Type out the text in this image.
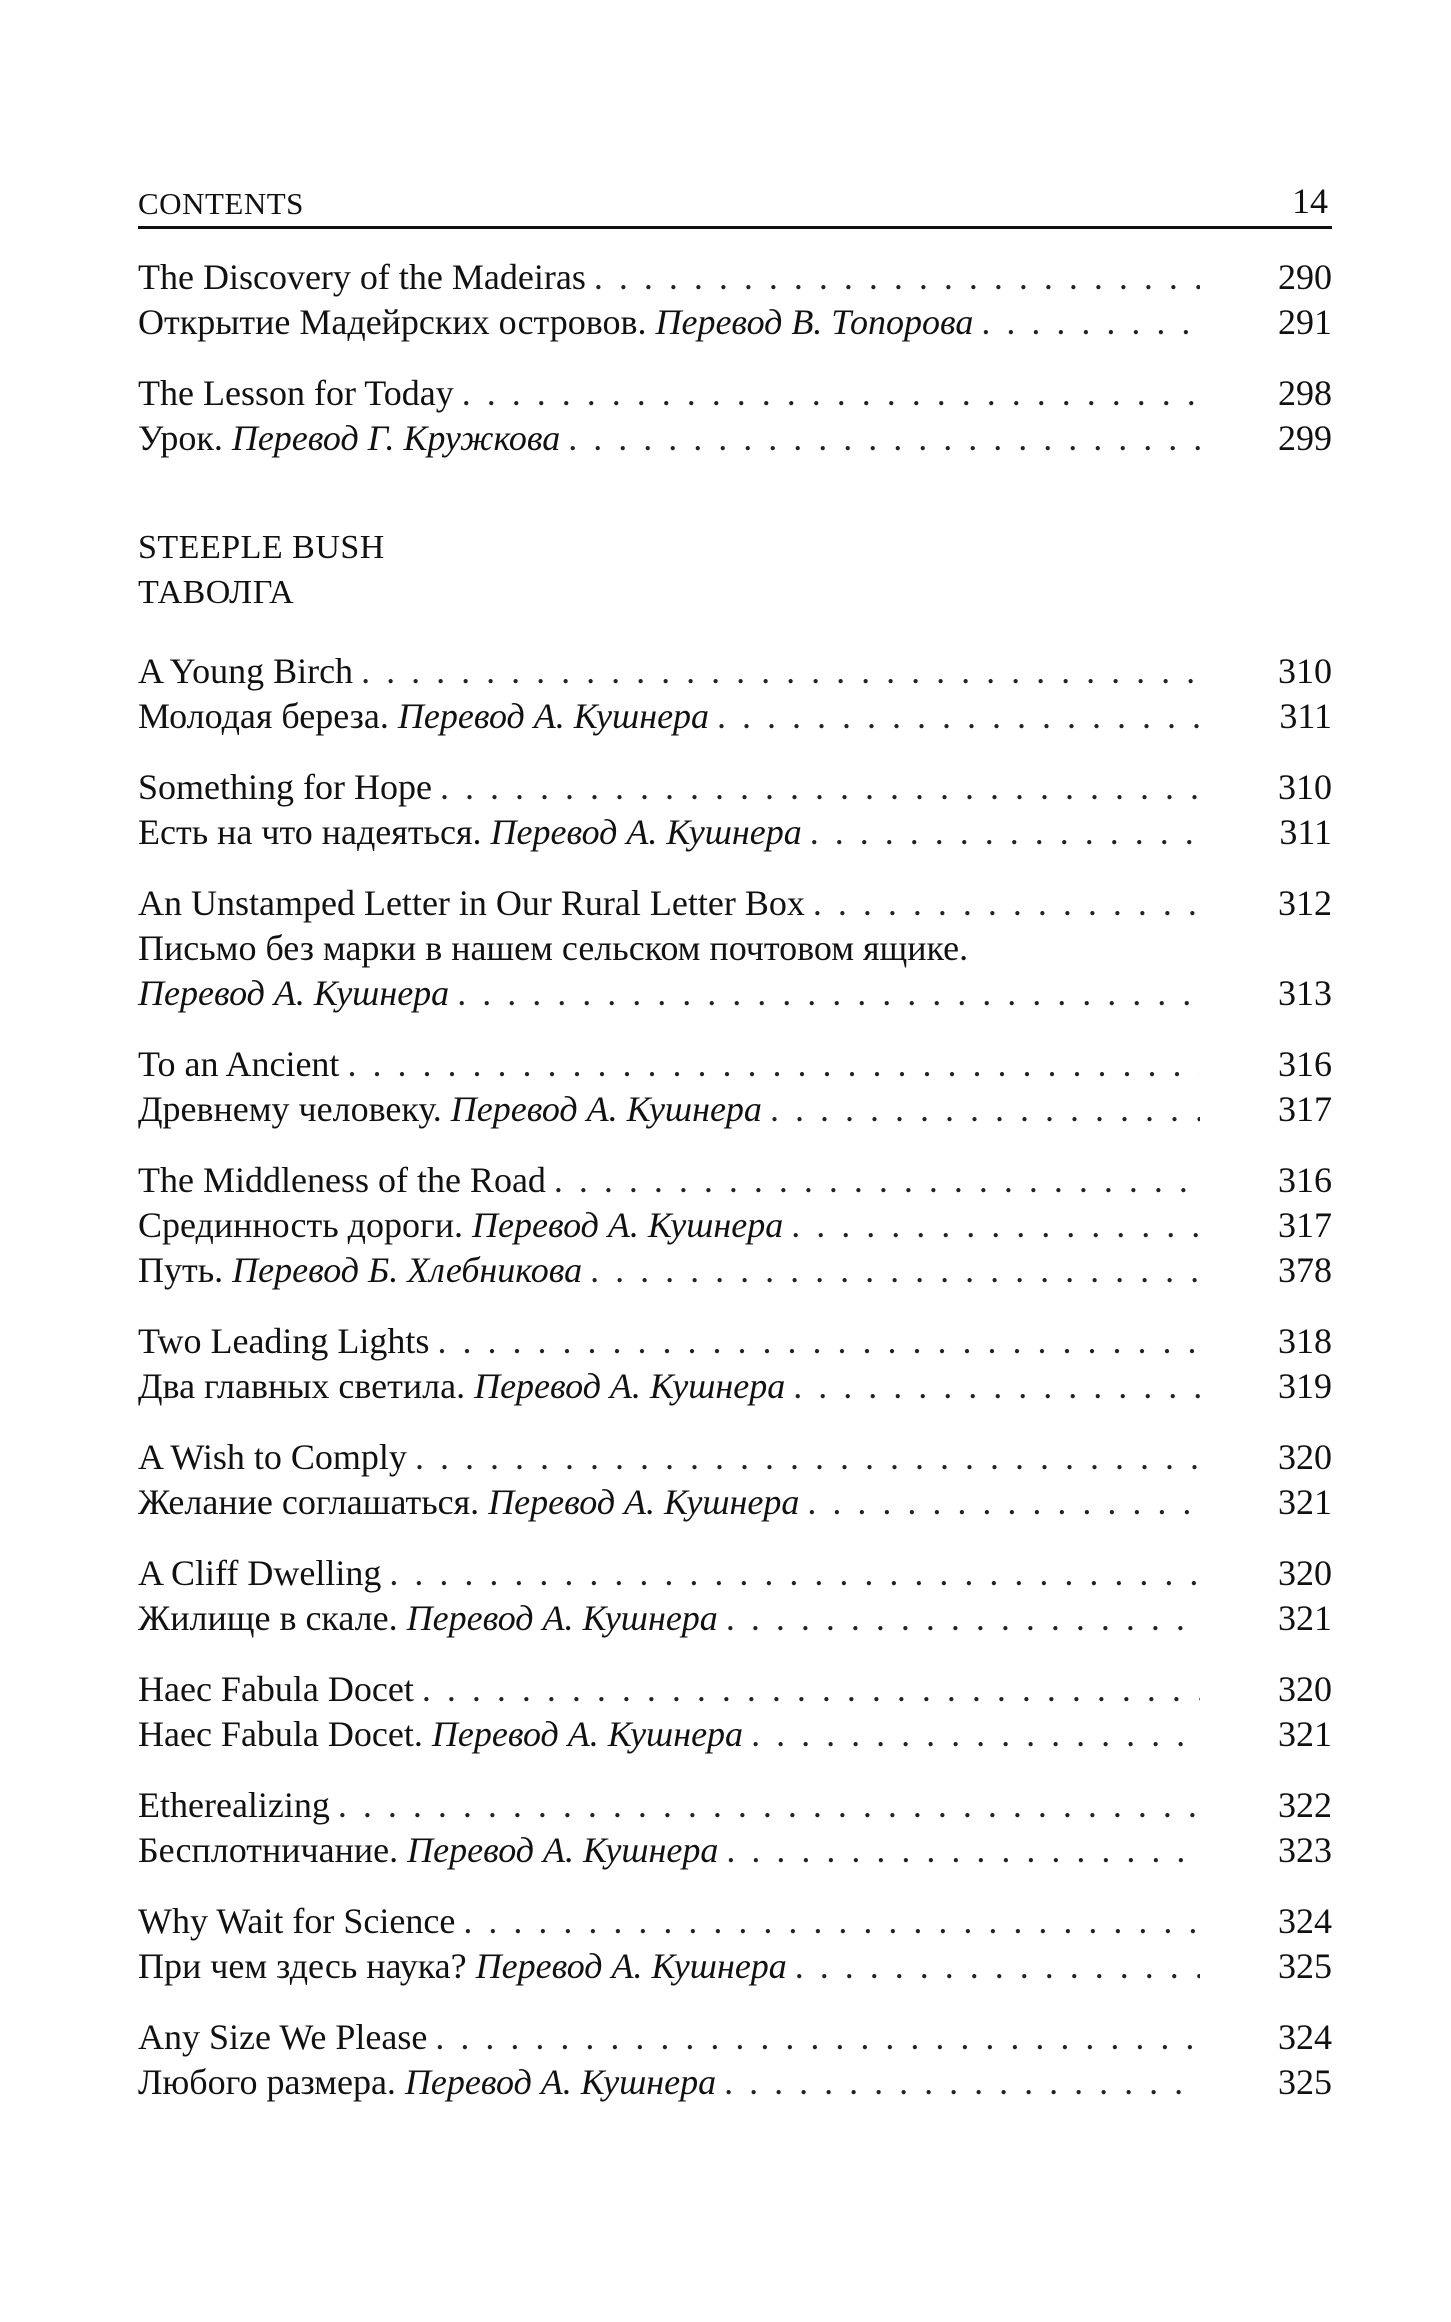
CONTENTS	14
The Discovery of the Madeiras . . .	290
Открытие Мадейрских островов. Перевод В. Топорова . . .	291
The Lesson for Today . . .	298
Урок. Перевод Г. Кружкова . . .	299
STEEPLE BUSH
ТАВОЛГА
A Young Birch . . .	310
Молодая береза. Перевод А. Кушнера . . .	311
Something for Hope . . .	310
Есть на что надеяться. Перевод А. Кушнера . . .	311
An Unstamped Letter in Our Rural Letter Box . . .	312
Письмо без марки в нашем сельском почтовом ящике.
Перевод А. Кушнера . . .	313
To an Ancient . . .	316
Древнему человеку. Перевод А. Кушнера . . .	317
The Middleness of the Road . . .	316
Срединность дороги. Перевод А. Кушнера . . .	317
Путь. Перевод Б. Хлебникова . . .	378
Two Leading Lights . . .	318
Два главных светила. Перевод А. Кушнера . . .	319
A Wish to Comply . . .	320
Желание соглашаться. Перевод А. Кушнера . . .	321
A Cliff Dwelling . . .	320
Жилище в скале. Перевод А. Кушнера . . .	321
Haec Fabula Docet . . .	320
Haec Fabula Docet. Перевод А. Кушнера . . .	321
Etherealizing . . .	322
Бесплотничание. Перевод А. Кушнера . . .	323
Why Wait for Science . . .	324
При чем здесь наука? Перевод А. Кушнера . . .	325
Any Size We Please . . .	324
Любого размера. Перевод А. Кушнера . . .	325
